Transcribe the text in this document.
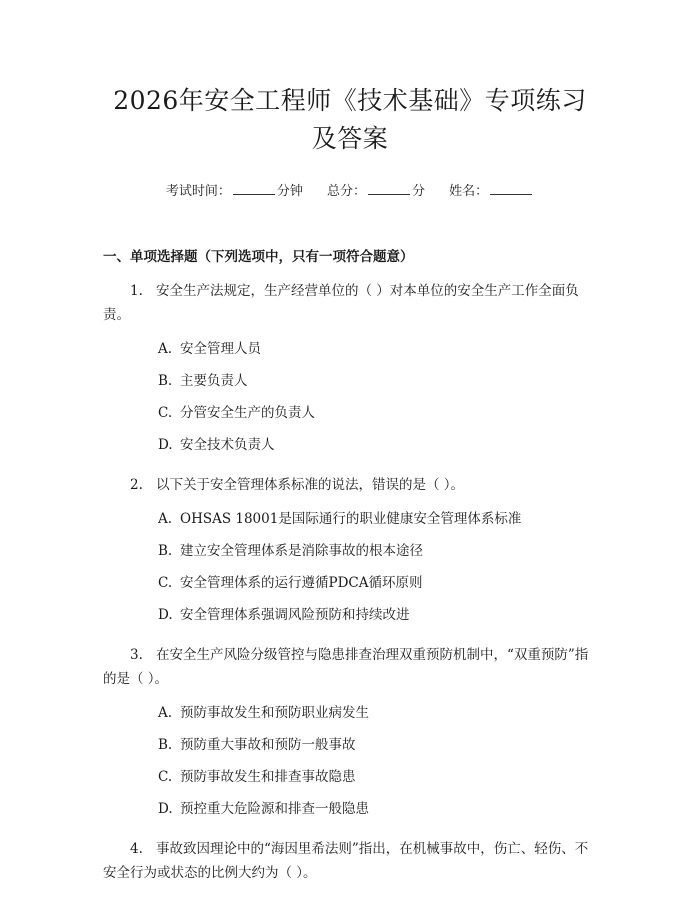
2026年安全工程师《技术基础》专项练习及答案
考试时间：	分钟 总分：	分 姓名：
一、单项选择题（下列选项中，只有一项符合题意）
1. 安全生产法规定，生产经营单位的（ ）对本单位的安全生产工作全面负责。
A. 安全管理人员
B. 主要负责人
C. 分管安全生产的负责人
D. 安全技术负责人
2. 以下关于安全管理体系标准的说法，错误的是（ ）。
A. OHSAS 18001是国际通行的职业健康安全管理体系标准
B. 建立安全管理体系是消除事故的根本途径
C. 安全管理体系的运行遵循PDCA循环原则
D. 安全管理体系强调风险预防和持续改进
3. 在安全生产风险分级管控与隐患排查治理双重预防机制中，“双重预防”指的是（ ）。
A. 预防事故发生和预防职业病发生
B. 预防重大事故和预防一般事故
C. 预防事故发生和排查事故隐患
D. 预控重大危险源和排查一般隐患
4. 事故致因理论中的“海因里希法则”指出，在机械事故中，伤亡、轻伤、不安全行为或状态的比例大约为（ ）。
